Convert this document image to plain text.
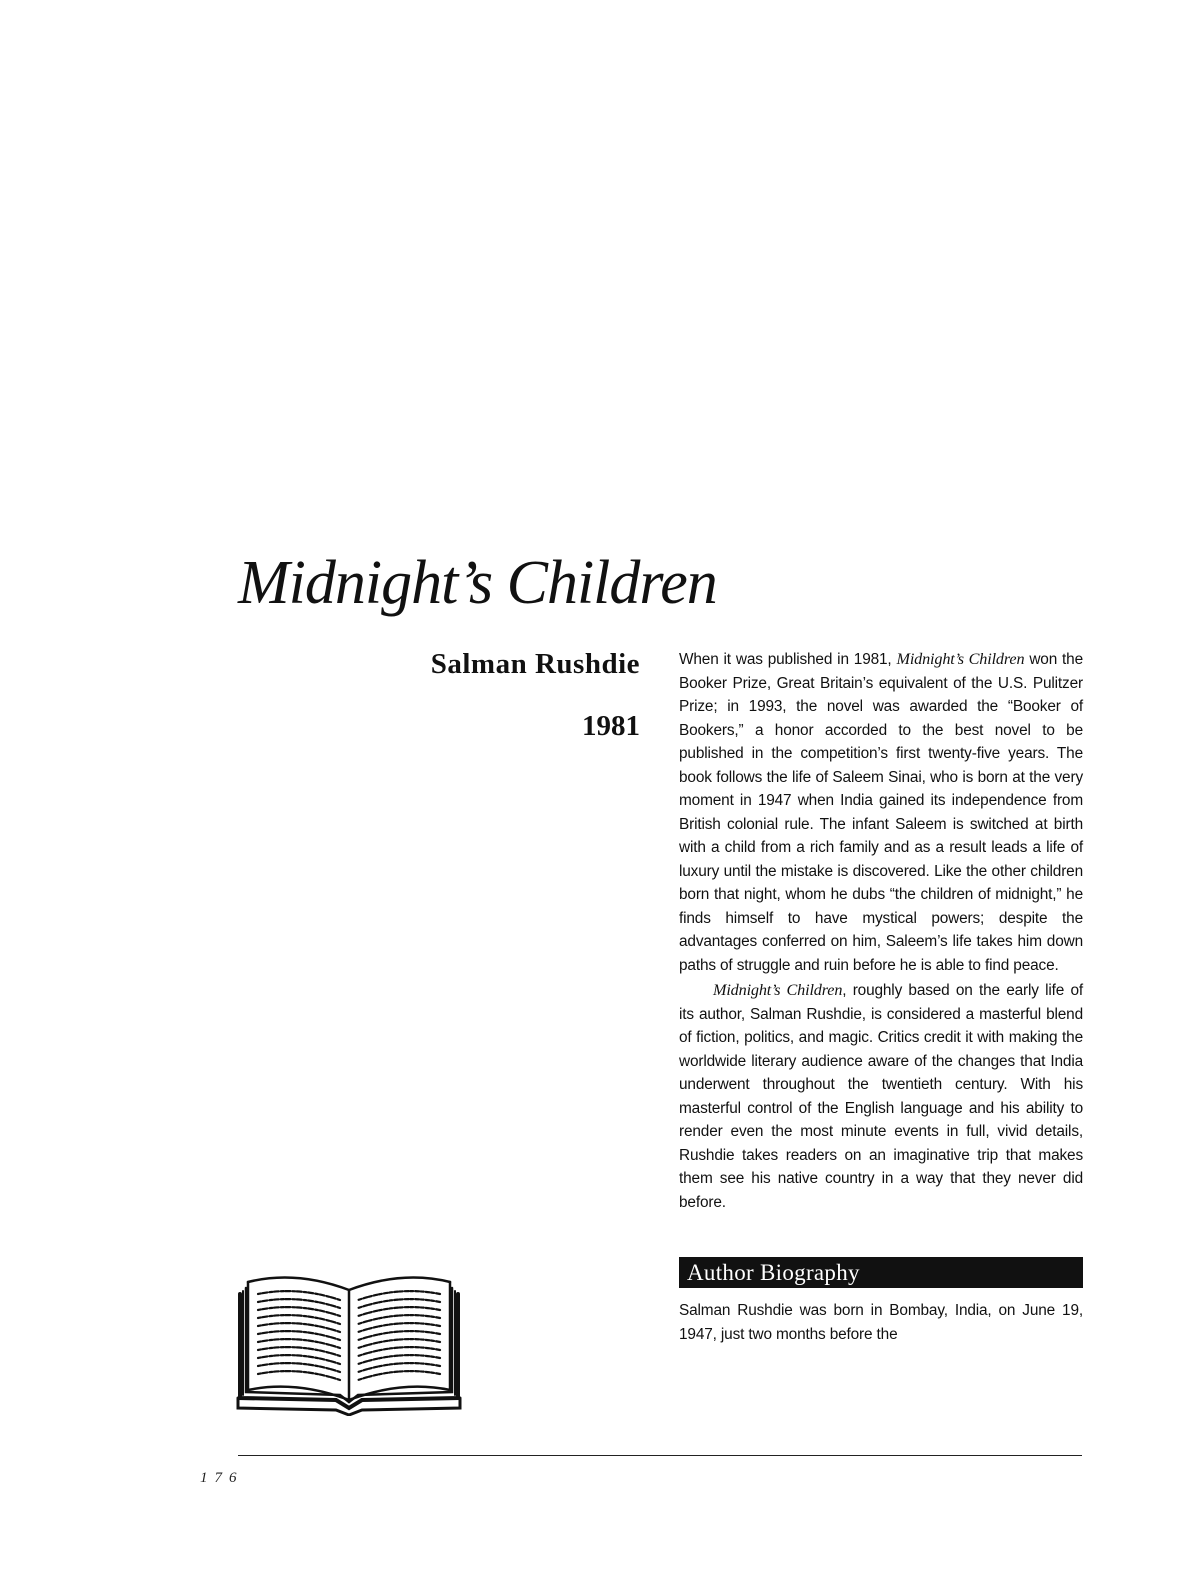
Midnight’s Children
Salman Rushdie
1981

When it was published in 1981, Midnight’s Children won the Booker Prize, Great Britain’s equivalent of the U.S. Pulitzer Prize; in 1993, the novel was awarded the “Booker of Bookers,” a honor accorded to the best novel to be published in the competition’s first twenty-five years. The book follows the life of Saleem Sinai, who is born at the very moment in 1947 when India gained its independence from British colonial rule. The infant Saleem is switched at birth with a child from a rich family and as a result leads a life of luxury until the mistake is discovered. Like the other children born that night, whom he dubs “the children of midnight,” he finds himself to have mystical powers; despite the advantages conferred on him, Saleem’s life takes him down paths of struggle and ruin before he is able to find peace.

Midnight’s Children, roughly based on the early life of its author, Salman Rushdie, is considered a masterful blend of fiction, politics, and magic. Critics credit it with making the worldwide literary audience aware of the changes that India underwent throughout the twentieth century. With his masterful control of the English language and his ability to render even the most minute events in full, vivid details, Rushdie takes readers on an imaginative trip that makes them see his native country in a way that they never did before.

Author Biography

Salman Rushdie was born in Bombay, India, on June 19, 1947, just two months before the

176
